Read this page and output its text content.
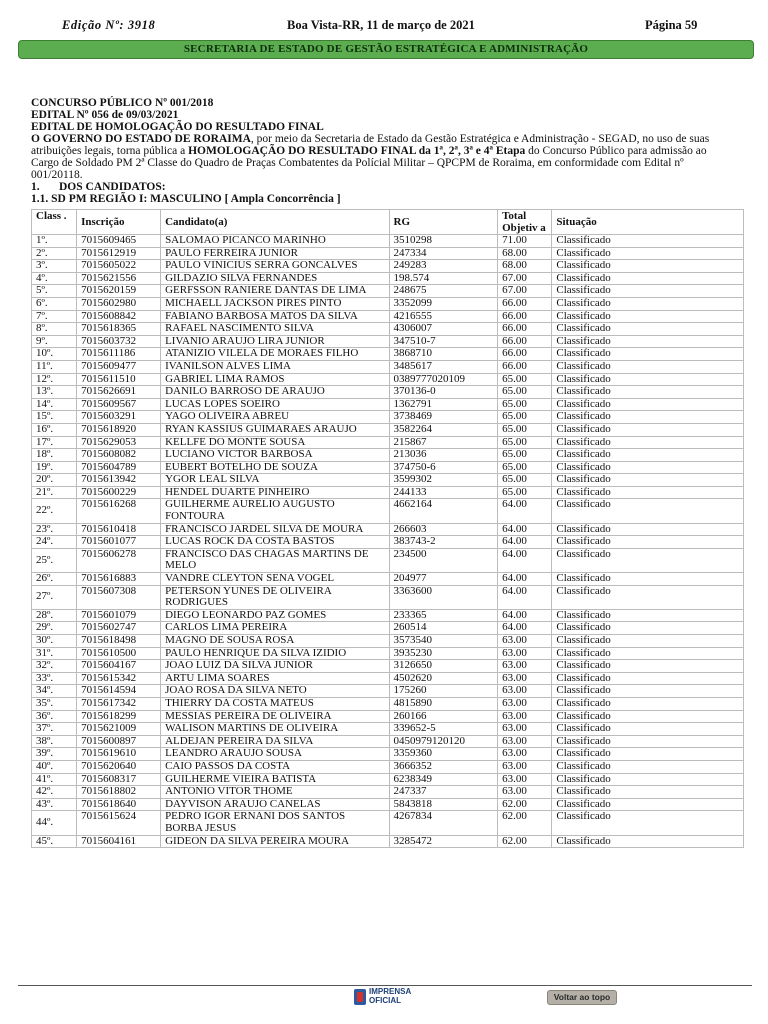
Edição Nº: 3918	Boa Vista-RR, 11 de março de 2021	Página 59
SECRETARIA DE ESTADO DE GESTÃO ESTRATÉGICA E ADMINISTRAÇÃO

CONCURSO PÚBLICO Nº 001/2018

EDITAL Nº 056 de 09/03/2021

EDITAL DE HOMOLOGAÇÃO DO RESULTADO FINAL

O GOVERNO DO ESTADO DE RORAIMA, por meio da Secretaria de Estado da Gestão Estratégica e Administração - SEGAD, no uso de suas atribuições legais, torna pública a HOMOLOGAÇÃO DO RESULTADO FINAL da 1ª, 2ª, 3ª e 4ª Etapa do Concurso Público para admissão ao Cargo de Soldado PM 2ª Classe do Quadro de Praças Combatentes da Polícial Militar – QPCPM de Roraima, em conformidade com Edital nº 001/20118.

1.	DOS CANDIDATOS:

1.1. SD PM REGIÃO I: MASCULINO [ Ampla Concorrência ]

Class .	Inscrição	Candidato(a)	RG	Total Objetiv a	Situação
1º.	7015609465	SALOMAO PICANCO MARINHO	3510298	71.00	Classificado
2º.	7015612919	PAULO FERREIRA JUNIOR	247334	68.00	Classificado
3º.	7015605022	PAULO VINICIUS SERRA GONCALVES	249283	68.00	Classificado
4º.	7015621556	GILDAZIO SILVA FERNANDES	198.574	67.00	Classificado
5º.	7015620159	GERFSSON RANIERE DANTAS DE LIMA	248675	67.00	Classificado
6º.	7015602980	MICHAELL JACKSON PIRES PINTO	3352099	66.00	Classificado
7º.	7015608842	FABIANO BARBOSA MATOS DA SILVA	4216555	66.00	Classificado
8º.	7015618365	RAFAEL NASCIMENTO SILVA	4306007	66.00	Classificado
9º.	7015603732	LIVANIO ARAUJO LIRA JUNIOR	347510-7	66.00	Classificado
10º.	7015611186	ATANIZIO VILELA DE MORAES FILHO	3868710	66.00	Classificado
11º.	7015609477	IVANILSON ALVES LIMA	3485617	66.00	Classificado
12º.	7015611510	GABRIEL LIMA RAMOS	0389777020109	65.00	Classificado
13º.	7015626691	DANILO BARROSO DE ARAUJO	370136-0	65.00	Classificado
14º.	7015609567	LUCAS LOPES SOEIRO	1362791	65.00	Classificado
15º.	7015603291	YAGO OLIVEIRA ABREU	3738469	65.00	Classificado
16º.	7015618920	RYAN KASSIUS GUIMARAES ARAUJO	3582264	65.00	Classificado
17º.	7015629053	KELLFE DO MONTE SOUSA	215867	65.00	Classificado
18º.	7015608082	LUCIANO VICTOR BARBOSA	213036	65.00	Classificado
19º.	7015604789	EUBERT BOTELHO DE SOUZA	374750-6	65.00	Classificado
20º.	7015613942	YGOR LEAL SILVA	3599302	65.00	Classificado
21º.	7015600229	HENDEL DUARTE PINHEIRO	244133	65.00	Classificado
22º.	7015616268	GUILHERME AURELIO AUGUSTO FONTOURA	4662164	64.00	Classificado
23º.	7015610418	FRANCISCO JARDEL SILVA DE MOURA	266603	64.00	Classificado
24º.	7015601077	LUCAS ROCK DA COSTA BASTOS	383743-2	64.00	Classificado
25º.	7015606278	FRANCISCO DAS CHAGAS MARTINS DE MELO	234500	64.00	Classificado
26º.	7015616883	VANDRE CLEYTON SENA VOGEL	204977	64.00	Classificado
27º.	7015607308	PETERSON YUNES DE OLIVEIRA RODRIGUES	3363600	64.00	Classificado
28º.	7015601079	DIEGO LEONARDO PAZ GOMES	233365	64.00	Classificado
29º.	7015602747	CARLOS LIMA PEREIRA	260514	64.00	Classificado
30º.	7015618498	MAGNO DE SOUSA ROSA	3573540	63.00	Classificado
31º.	7015610500	PAULO HENRIQUE DA SILVA IZIDIO	3935230	63.00	Classificado
32º.	7015604167	JOAO LUIZ DA SILVA JUNIOR	3126650	63.00	Classificado
33º.	7015615342	ARTU LIMA SOARES	4502620	63.00	Classificado
34º.	7015614594	JOAO ROSA DA SILVA NETO	175260	63.00	Classificado
35º.	7015617342	THIERRY DA COSTA MATEUS	4815890	63.00	Classificado
36º.	7015618299	MESSIAS PEREIRA DE OLIVEIRA	260166	63.00	Classificado
37º.	7015621009	WALISON MARTINS DE OLIVEIRA	339652-5	63.00	Classificado
38º.	7015600897	ALDEJAN PEREIRA DA SILVA	0450979120120	63.00	Classificado
39º.	7015619610	LEANDRO ARAUJO SOUSA	3359360	63.00	Classificado
40º.	7015620640	CAIO PASSOS DA COSTA	3666352	63.00	Classificado
41º.	7015608317	GUILHERME VIEIRA BATISTA	6238349	63.00	Classificado
42º.	7015618802	ANTONIO VITOR THOME	247337	63.00	Classificado
43º.	7015618640	DAYVISON ARAUJO CANELAS	5843818	62.00	Classificado
44º.	7015615624	PEDRO IGOR ERNANI DOS SANTOS BORBA JESUS	4267834	62.00	Classificado
45º.	7015604161	GIDEON DA SILVA PEREIRA MOURA	3285472	62.00	Classificado
IMPRENSA
OFICIAL	Voltar ao topo
